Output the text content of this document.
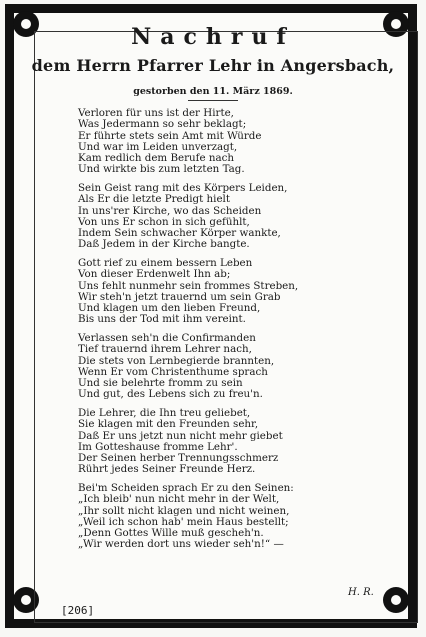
Nachruf
dem Herrn Pfarrer Lehr in Angersbach,
gestorben den 11. März 1869.
Verloren für uns ist der Hirte,
Was Jedermann so sehr beklagt;
Er führte stets sein Amt mit Würde
Und war im Leiden unverzagt,
Kam redlich dem Berufe nach
Und wirkte bis zum letzten Tag.
Sein Geist rang mit des Körpers Leiden,
Als Er die letzte Predigt hielt
In uns'rer Kirche, wo das Scheiden
Von uns Er schon in sich gefühlt,
Indem Sein schwacher Körper wankte,
Daß Jedem in der Kirche bangte.
Gott rief zu einem bessern Leben
Von dieser Erdenwelt Ihn ab;
Uns fehlt nunmehr sein frommes Streben,
Wir steh'n jetzt trauernd um sein Grab
Und klagen um den lieben Freund,
Bis uns der Tod mit ihm vereint.
Verlassen seh'n die Confirmanden
Tief trauernd ihrem Lehrer nach,
Die stets von Lernbegierde brannten,
Wenn Er vom Christenthume sprach
Und sie belehrte fromm zu sein
Und gut, des Lebens sich zu freu'n.
Die Lehrer, die Ihn treu geliebet,
Sie klagen mit den Freunden sehr,
Daß Er uns jetzt nun nicht mehr giebet
Im Gotteshause fromme Lehr'.
Der Seinen herber Trennungsschmerz
Rührt jedes Seiner Freunde Herz.
Bei'm Scheiden sprach Er zu den Seinen:
„Ich bleib' nun nicht mehr in der Welt,
„Ihr sollt nicht klagen und nicht weinen,
„Weil ich schon hab' mein Haus bestellt;
„Denn Gottes Wille muß gescheh'n.
„Wir werden dort uns wieder seh'n!“ —
H. R.
[206]
